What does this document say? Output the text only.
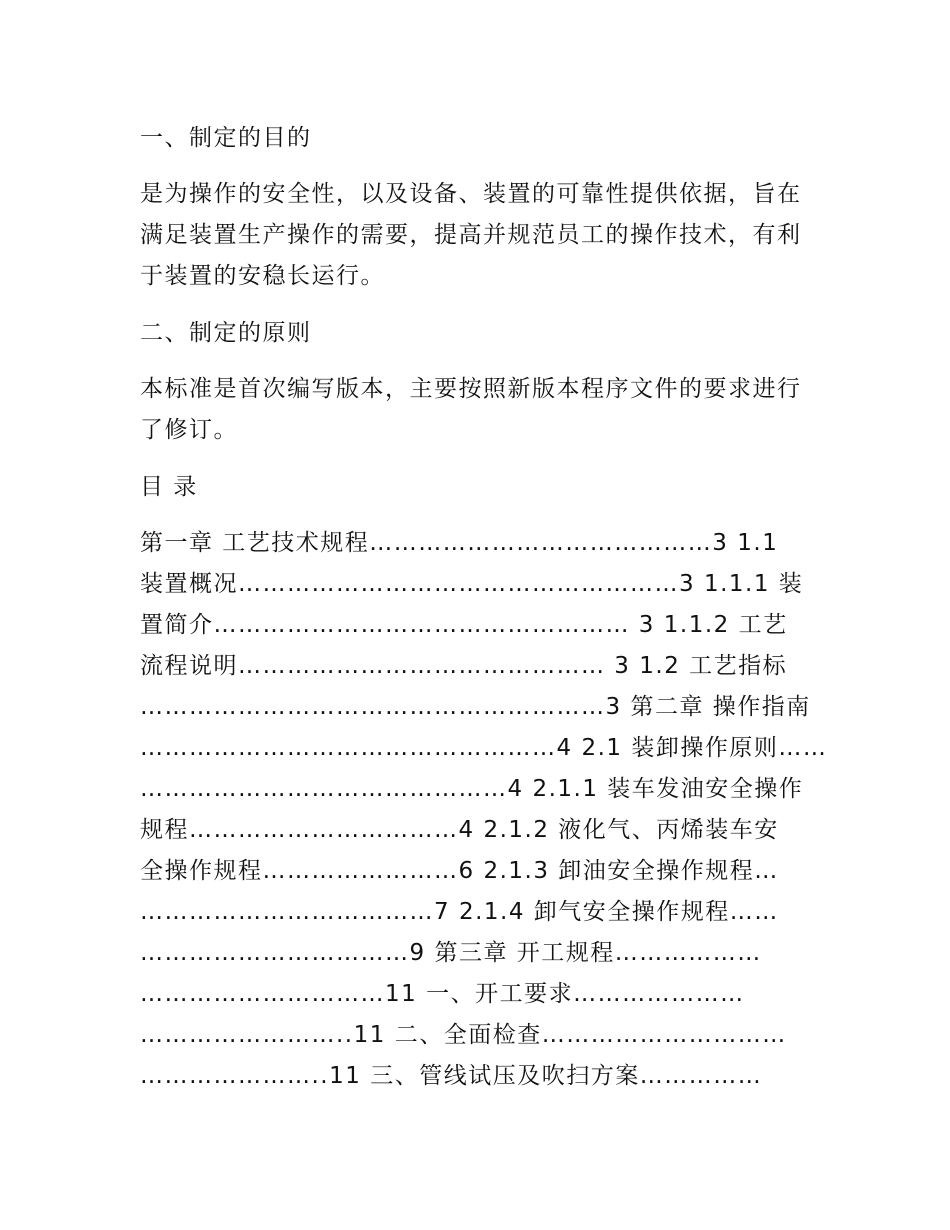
一、制定的目的
是为操作的安全性，以及设备、装置的可靠性提供依据，旨在满足装置生产操作的需要，提高并规范员工的操作技术，有利于装置的安稳长运行。
二、制定的原则
本标准是首次编写版本，主要按照新版本程序文件的要求进行了修订。
目 录
第一章 工艺技术规程……………………………………3 1.1
装置概况………………………………………………3 1.1.1 装
置简介…………………………………………… 3 1.1.2 工艺
流程说明……………………………………… 3 1.2 工艺指标
…………………………………………………3 第二章 操作指南
……………………………………………4 2.1 装卸操作原则……
………………………………………4 2.1.1 装车发油安全操作
规程……………………………4 2.1.2 液化气、丙烯装车安
全操作规程……………………6 2.1.3 卸油安全操作规程…
………………………………7 2.1.4 卸气安全操作规程……
……………………………9 第三章 开工规程………………
…………………………11 一、开工要求…………………
……………………..11 二、全面检查…………………………
…………………..11 三、管线试压及吹扫方案……………
